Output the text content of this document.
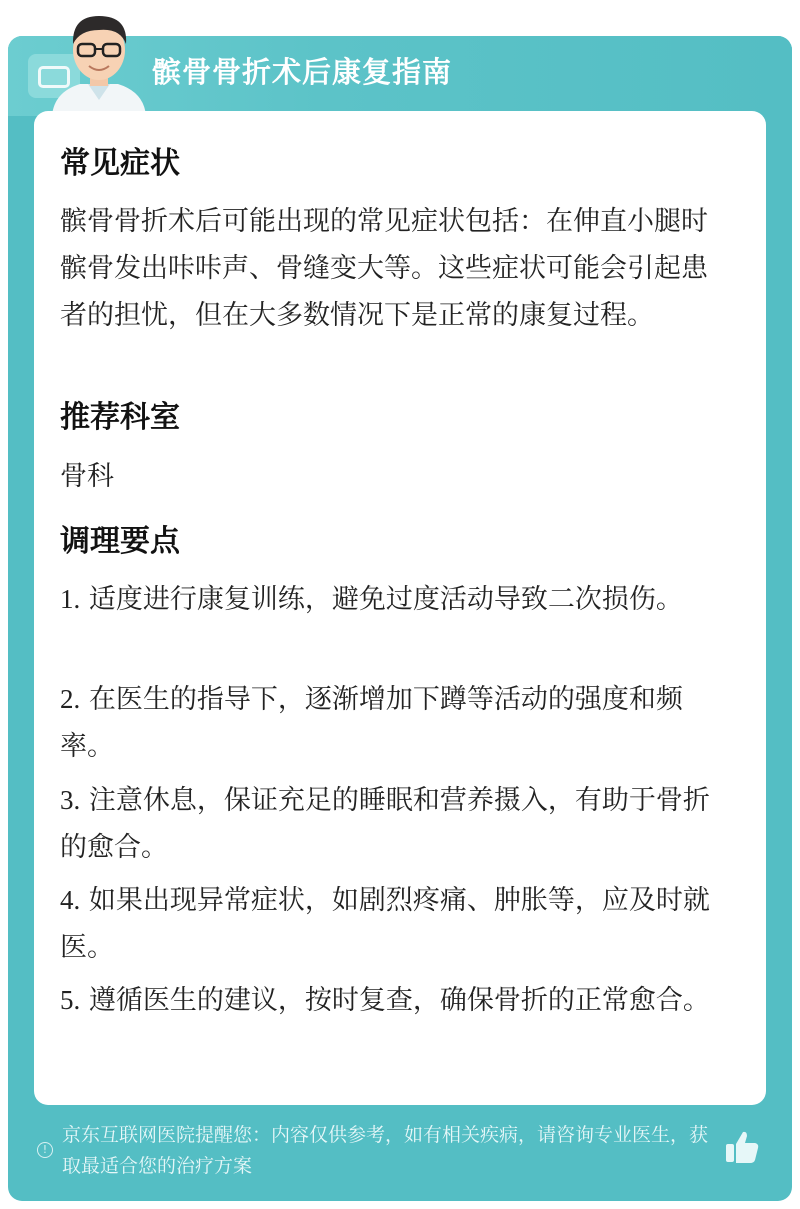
髌骨骨折术后康复指南
常见症状
髌骨骨折术后可能出现的常见症状包括：在伸直小腿时髌骨发出咔咔声、骨缝变大等。这些症状可能会引起患者的担忧，但在大多数情况下是正常的康复过程。
推荐科室
骨科
调理要点
1. 适度进行康复训练，避免过度活动导致二次损伤。
2. 在医生的指导下，逐渐增加下蹲等活动的强度和频率。
3. 注意休息，保证充足的睡眠和营养摄入，有助于骨折的愈合。
4. 如果出现异常症状，如剧烈疼痛、肿胀等，应及时就医。
5. 遵循医生的建议，按时复查，确保骨折的正常愈合。
!
京东互联网医院提醒您：内容仅供参考，如有相关疾病，请咨询专业医生，获取最适合您的治疗方案
